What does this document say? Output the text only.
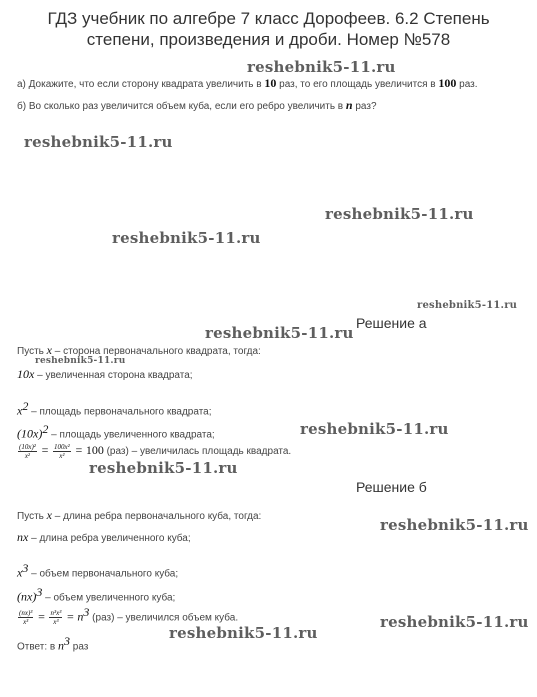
ГДЗ учебник по алгебре 7 класс Дорофеев. 6.2 Степень
степени, произведения и дроби. Номер №578
reshebnik5-11.ru
reshebnik5-11.ru
reshebnik5-11.ru
reshebnik5-11.ru
reshebnik5-11.ru
reshebnik5-11.ru
reshebnik5-11.ru
reshebnik5-11.ru
reshebnik5-11.ru
reshebnik5-11.ru
reshebnik5-11.ru
reshebnik5-11.ru
а) Докажите, что если сторону квадрата увеличить в 10 раз, то его площадь увеличится в 100 раз.
б) Во сколько раз увеличится объем куба, если его ребро увеличить в n раз?
Решение а
Пусть x – сторона первоначального квадрата, тогда:
10x – увеличенная сторона квадрата;
$x^2$ – площадь первоначального квадрата;
$(10x)^2$ – площадь увеличенного квадрата;
$\frac{\text{(10x)²}}{\text{x²}} = \frac{\text{100x²}}{\text{x²}} = 100$ (раз) – увеличилась площадь квадрата.
Решение б
Пусть x – длина ребра первоначального куба, тогда:
nx – длина ребра увеличенного куба;
$x^3$ – объем первоначального куба;
(nx)$^3$ – объем увеличенного куба;
$\frac{\text{(nx)³}}{\text{x³}} = \frac{\text{n³x³}}{\text{x³}} = n^3$ (раз) – увеличился объем куба.
Ответ: в $n^3$ раз
